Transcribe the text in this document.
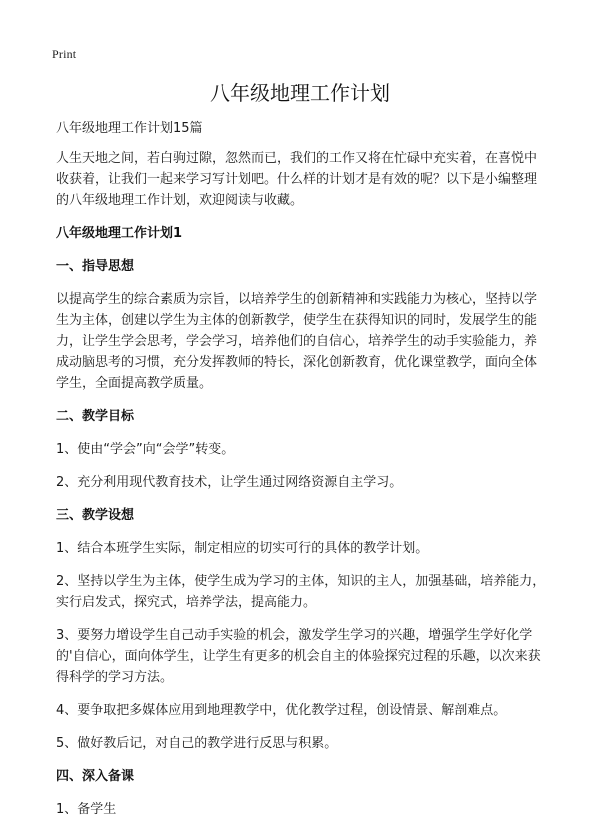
Print
八年级地理工作计划

八年级地理工作计划15篇

人生天地之间，若白驹过隙，忽然而已，我们的工作又将在忙碌中充实着，在喜悦中收获着，让我们一起来学习写计划吧。什么样的计划才是有效的呢？以下是小编整理的八年级地理工作计划，欢迎阅读与收藏。

八年级地理工作计划1

一、指导思想

以提高学生的综合素质为宗旨，以培养学生的创新精神和实践能力为核心，坚持以学生为主体，创建以学生为主体的创新教学，使学生在获得知识的同时，发展学生的能力，让学生学会思考，学会学习，培养他们的自信心，培养学生的动手实验能力，养成动脑思考的习惯，充分发挥教师的特长，深化创新教育，优化课堂教学，面向全体学生，全面提高教学质量。

二、教学目标

1、使由“学会”向“会学”转变。

2、充分利用现代教育技术，让学生通过网络资源自主学习。

三、教学设想

1、结合本班学生实际，制定相应的切实可行的具体的教学计划。

2、坚持以学生为主体，使学生成为学习的主体，知识的主人，加强基础，培养能力，实行启发式，探究式，培养学法，提高能力。

3、要努力增设学生自己动手实验的机会，激发学生学习的兴趣，增强学生学好化学的'自信心，面向体学生，让学生有更多的机会自主的体验探究过程的乐趣，以次来获得科学的学习方法。

4、要争取把多媒体应用到地理教学中，优化教学过程，创设情景、解剖难点。

5、做好教后记，对自己的教学进行反思与积累。

四、深入备课

1、备学生
